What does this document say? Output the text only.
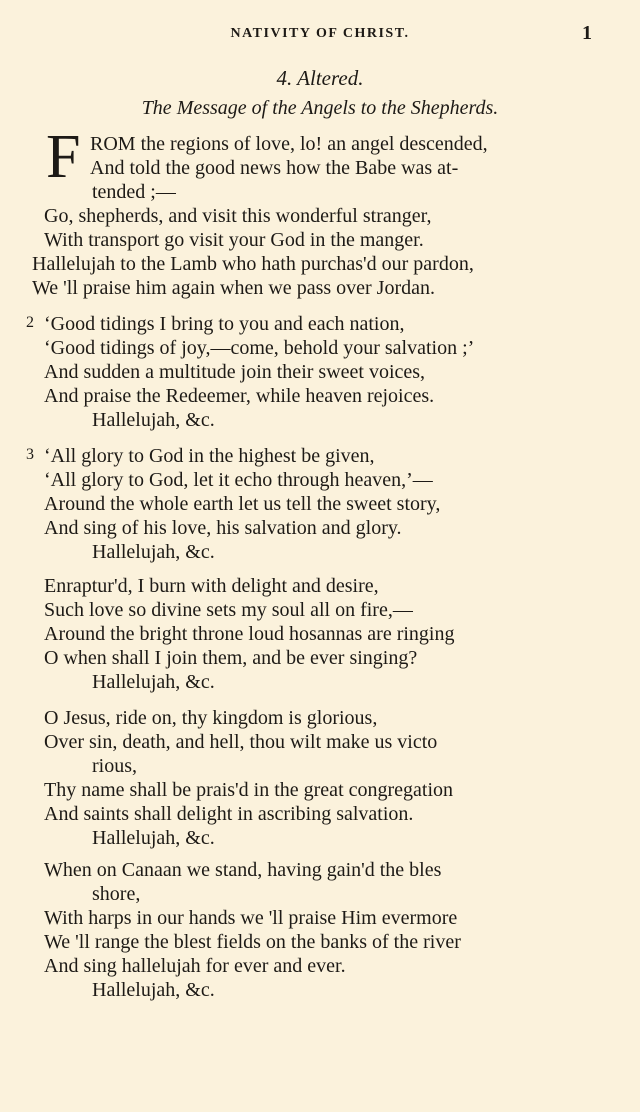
NATIVITY OF CHRIST.	1
4. Altered.
The Message of the Angels to the Shepherds.
F ROM the regions of love, lo! an angel descended,
And told the good news how the Babe was at-
tended ;—
Go, shepherds, and visit this wonderful stranger,
With transport go visit your God in the manger.
Hallelujah to the Lamb who hath purchas'd our pardon,
We 'll praise him again when we pass over Jordan.
2 ‘Good tidings I bring to you and each nation,
‘Good tidings of joy,—come, behold your salvation ;’
And sudden a multitude join their sweet voices,
And praise the Redeemer, while heaven rejoices.
Hallelujah, &c.
3 ‘All glory to God in the highest be given,
‘All glory to God, let it echo through heaven,’—
Around the whole earth let us tell the sweet story,
And sing of his love, his salvation and glory.
Hallelujah, &c.
Enraptur'd, I burn with delight and desire,
Such love so divine sets my soul all on fire,—
Around the bright throne loud hosannas are ringing
O when shall I join them, and be ever singing?
Hallelujah, &c.
O Jesus, ride on, thy kingdom is glorious,
Over sin, death, and hell, thou wilt make us victo
rious,
Thy name shall be prais'd in the great congregation
And saints shall delight in ascribing salvation.
Hallelujah, &c.
When on Canaan we stand, having gain'd the bles
shore,
With harps in our hands we 'll praise Him evermore
We 'll range the blest fields on the banks of the river
And sing hallelujah for ever and ever.
Hallelujah, &c.
